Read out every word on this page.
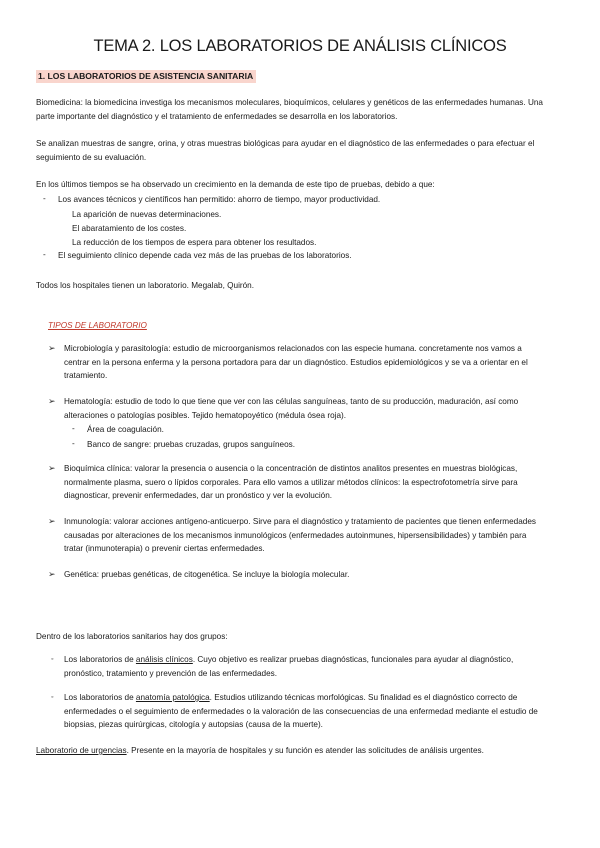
TEMA 2. LOS LABORATORIOS DE ANÁLISIS CLÍNICOS
1. LOS LABORATORIOS DE ASISTENCIA SANITARIA

Biomedicina: la biomedicina investiga los mecanismos moleculares, bioquímicos, celulares y genéticos de las enfermedades humanas. Una parte importante del diagnóstico y el tratamiento de enfermedades se desarrolla en los laboratorios.

Se analizan muestras de sangre, orina, y otras muestras biológicas para ayudar en el diagnóstico de las enfermedades o para efectuar el seguimiento de su evaluación.

En los últimos tiempos se ha observado un crecimiento en la demanda de este tipo de pruebas, debido a que:

- Los avances técnicos y científicos han permitido: ahorro de tiempo, mayor productividad.
La aparición de nuevas determinaciones.
El abaratamiento de los costes.
La reducción de los tiempos de espera para obtener los resultados.
- El seguimiento clínico depende cada vez más de las pruebas de los laboratorios.
Todos los hospitales tienen un laboratorio. Megalab, Quirón.
TIPOS DE LABORATORIO
➢ Microbiología y parasitología: estudio de microorganismos relacionados con las especie humana. concretamente nos vamos a centrar en la persona enferma y la persona portadora para dar un diagnóstico. Estudios epidemiológicos y se va a orientar en el tratamiento.

➢ Hematología: estudio de todo lo que tiene que ver con las células sanguíneas, tanto de su producción, maduración, así como alteraciones o patologías posibles. Tejido hematopoyético (médula ósea roja).

- Área de coagulación.
- Banco de sangre: pruebas cruzadas, grupos sanguíneos.
➢ Bioquímica clínica: valorar la presencia o ausencia o la concentración de distintos analitos presentes en muestras biológicas, normalmente plasma, suero o lípidos corporales. Para ello vamos a utilizar métodos clínicos: la espectrofotometría sirve para diagnosticar, prevenir enfermedades, dar un pronóstico y ver la evolución.

➢ Inmunología: valorar acciones antígeno-anticuerpo. Sirve para el diagnóstico y tratamiento de pacientes que tienen enfermedades causadas por alteraciones de los mecanismos inmunológicos (enfermedades autoinmunes, hipersensibilidades) y también para tratar (inmunoterapia) o prevenir ciertas enfermedades.

➢ Genética: pruebas genéticas, de citogenética. Se incluye la biología molecular.

Dentro de los laboratorios sanitarios hay dos grupos:
◦ Los laboratorios de análisis clínicos. Cuyo objetivo es realizar pruebas diagnósticas, funcionales para ayudar al diagnóstico, pronóstico, tratamiento y prevención de las enfermedades.

◦ Los laboratorios de anatomía patológica. Estudios utilizando técnicas morfológicas. Su finalidad es el diagnóstico correcto de enfermedades o el seguimiento de enfermedades o la valoración de las consecuencias de una enfermedad mediante el estudio de biopsias, piezas quirúrgicas, citología y autopsias (causa de la muerte).

Laboratorio de urgencias. Presente en la mayoría de hospitales y su función es atender las solicitudes de análisis urgentes.
